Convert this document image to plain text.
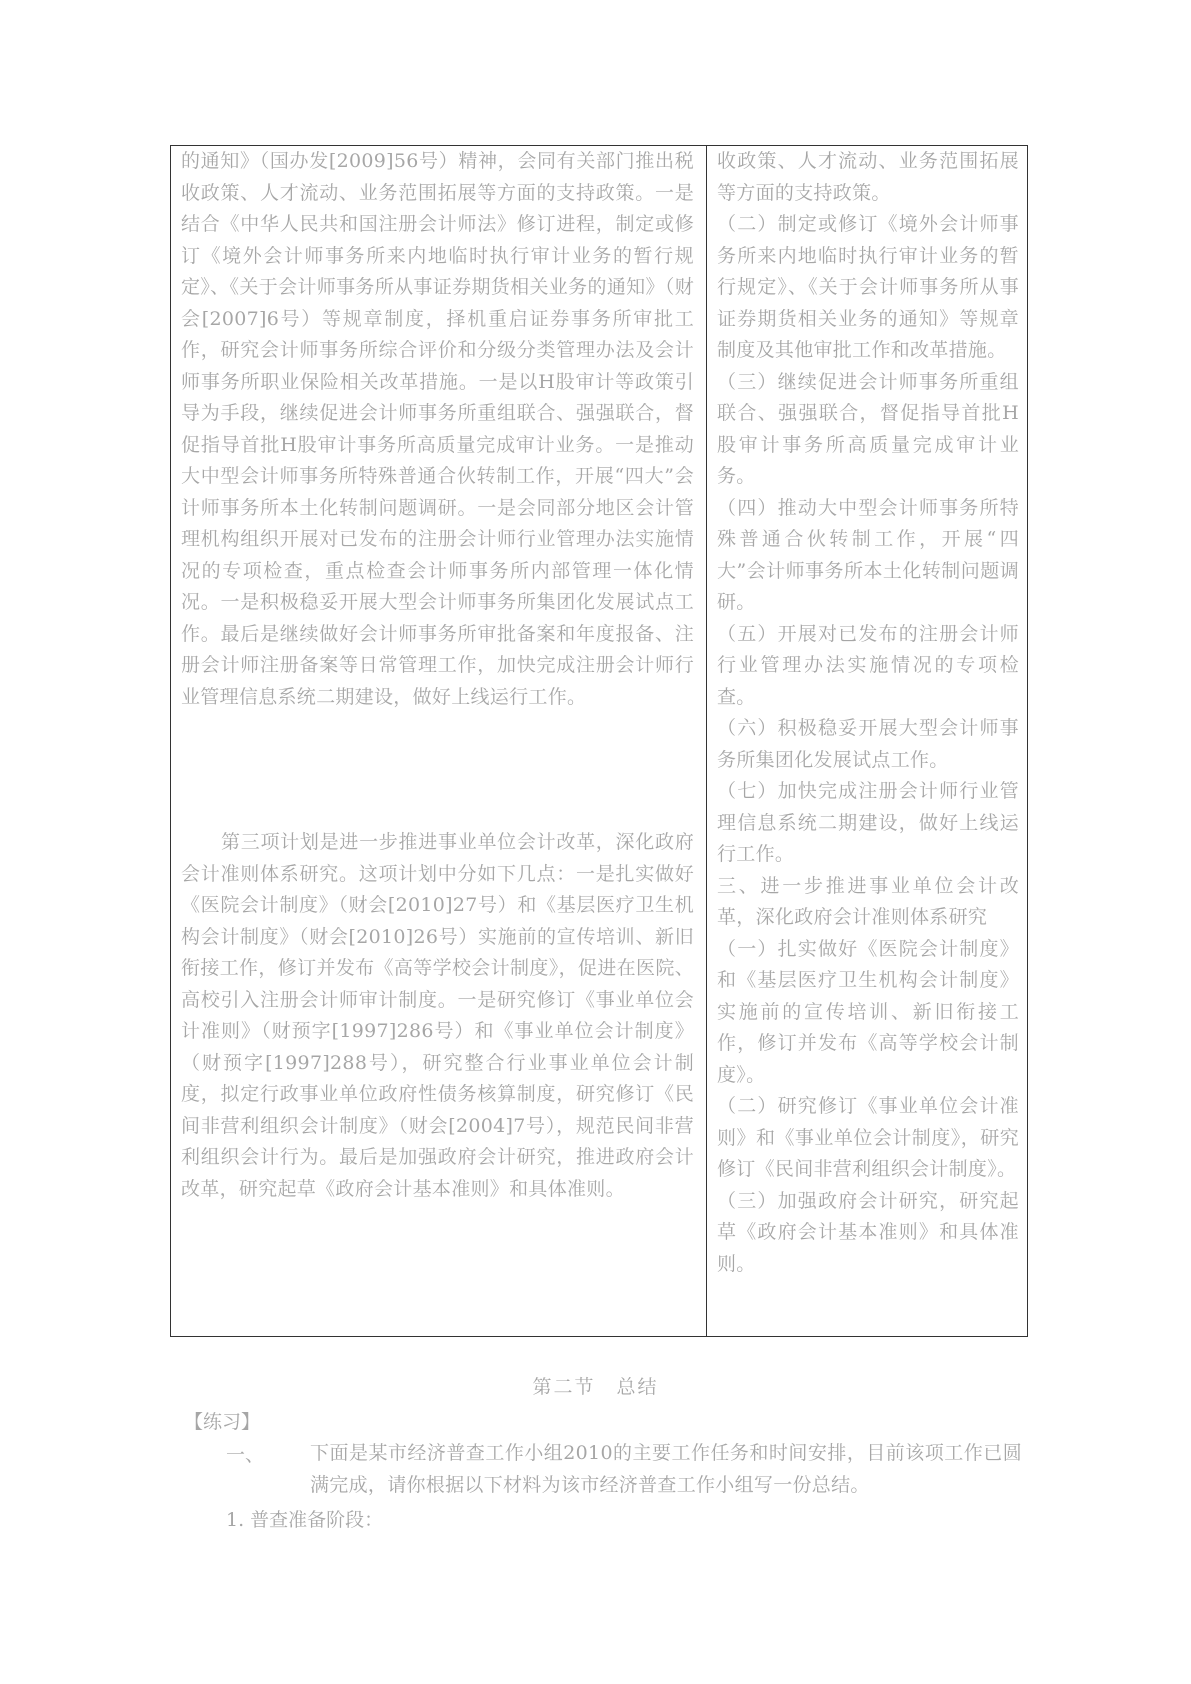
的通知》（国办发[2009]56号）精神，会同有关部门推出税收政策、人才流动、业务范围拓展等方面的支持政策。一是结合《中华人民共和国注册会计师法》修订进程，制定或修订《境外会计师事务所来内地临时执行审计业务的暂行规定》、《关于会计师事务所从事证券期货相关业务的通知》（财会[2007]6号）等规章制度，择机重启证券事务所审批工作，研究会计师事务所综合评价和分级分类管理办法及会计师事务所职业保险相关改革措施。一是以H股审计等政策引导为手段，继续促进会计师事务所重组联合、强强联合，督促指导首批H股审计事务所高质量完成审计业务。一是推动大中型会计师事务所特殊普通合伙转制工作，开展“四大”会计师事务所本土化转制问题调研。一是会同部分地区会计管理机构组织开展对已发布的注册会计师行业管理办法实施情况的专项检查，重点检查会计师事务所内部管理一体化情况。一是积极稳妥开展大型会计师事务所集团化发展试点工作。最后是继续做好会计师事务所审批备案和年度报备、注册会计师注册备案等日常管理工作，加快完成注册会计师行业管理信息系统二期建设，做好上线运行工作。

第三项计划是进一步推进事业单位会计改革，深化政府会计准则体系研究。这项计划中分如下几点：一是扎实做好《医院会计制度》（财会[2010]27号）和《基层医疗卫生机构会计制度》（财会[2010]26号）实施前的宣传培训、新旧衔接工作，修订并发布《高等学校会计制度》，促进在医院、高校引入注册会计师审计制度。一是研究修订《事业单位会计准则》（财预字[1997]286号）和《事业单位会计制度》（财预字[1997]288号），研究整合行业事业单位会计制度，拟定行政事业单位政府性债务核算制度，研究修订《民间非营利组织会计制度》（财会[2004]7号），规范民间非营利组织会计行为。最后是加强政府会计研究，推进政府会计改革，研究起草《政府会计基本准则》和具体准则。

收政策、人才流动、业务范围拓展等方面的支持政策。

（二）制定或修订《境外会计师事务所来内地临时执行审计业务的暂行规定》、《关于会计师事务所从事证券期货相关业务的通知》等规章制度及其他审批工作和改革措施。

（三）继续促进会计师事务所重组联合、强强联合，督促指导首批H股审计事务所高质量完成审计业务。

（四）推动大中型会计师事务所特殊普通合伙转制工作，开展“四大”会计师事务所本土化转制问题调研。

（五）开展对已发布的注册会计师行业管理办法实施情况的专项检查。

（六）积极稳妥开展大型会计师事务所集团化发展试点工作。

（七）加快完成注册会计师行业管理信息系统二期建设，做好上线运行工作。

三、进一步推进事业单位会计改革，深化政府会计准则体系研究

（一）扎实做好《医院会计制度》和《基层医疗卫生机构会计制度》实施前的宣传培训、新旧衔接工作，修订并发布《高等学校会计制度》。

（二）研究修订《事业单位会计准则》和《事业单位会计制度》，研究修订《民间非营利组织会计制度》。

（三）加强政府会计研究，研究起草《政府会计基本准则》和具体准则。

第二节　总结
【练习】
一、 下面是某市经济普查工作小组2010的主要工作任务和时间安排，目前该项工作已圆满完成，请你根据以下材料为该市经济普查工作小组写一份总结。
1. 普查准备阶段：
